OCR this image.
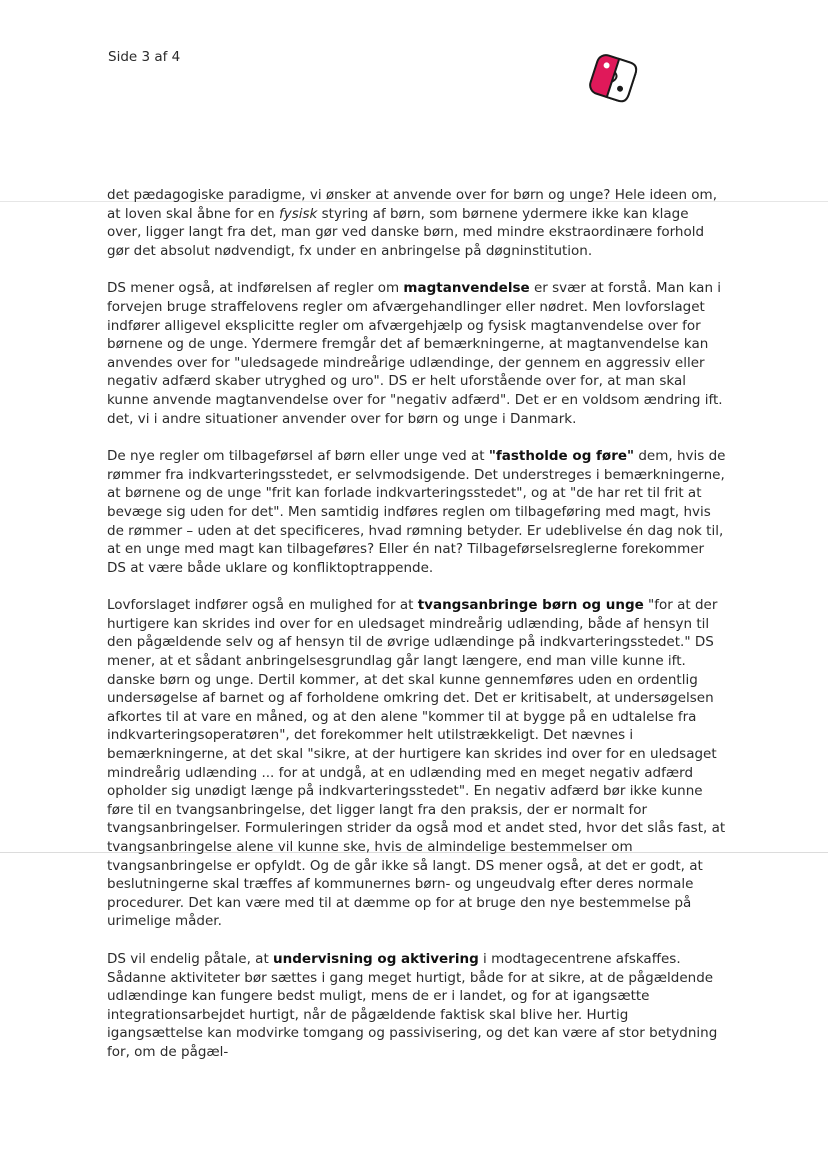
Side 3 af 4

det pædagogiske paradigme, vi ønsker at anvende over for børn og unge? Hele ideen om, at loven skal åbne for en fysisk styring af børn, som børnene ydermere ikke kan klage over, ligger langt fra det, man gør ved danske børn, med mindre ekstraordinære forhold gør det absolut nødvendigt, fx under en anbringelse på døgninstitution.

DS mener også, at indførelsen af regler om magtanvendelse er svær at forstå. Man kan i forvejen bruge straffelovens regler om afværgehandlinger eller nødret. Men lovforslaget indfører alligevel eksplicitte regler om afværgehjælp og fysisk magtanvendelse over for børnene og de unge. Ydermere fremgår det af bemærkningerne, at magtanvendelse kan anvendes over for "uledsagede mindreårige udlændinge, der gennem en aggressiv eller negativ adfærd skaber utryghed og uro". DS er helt uforstående over for, at man skal kunne anvende magtanvendelse over for "negativ adfærd". Det er en voldsom ændring ift. det, vi i andre situationer anvender over for børn og unge i Danmark.

De nye regler om tilbageførsel af børn eller unge ved at "fastholde og føre" dem, hvis de rømmer fra indkvarteringsstedet, er selvmodsigende. Det understreges i bemærkningerne, at børnene og de unge "frit kan forlade indkvarteringsstedet", og at "de har ret til frit at bevæge sig uden for det". Men samtidig indføres reglen om tilbageføring med magt, hvis de rømmer – uden at det specificeres, hvad rømning betyder. Er udeblivelse én dag nok til, at en unge med magt kan tilbageføres? Eller én nat? Tilbageførselsreglerne forekommer DS at være både uklare og konfliktoptrappende.

Lovforslaget indfører også en mulighed for at tvangsanbringe børn og unge "for at der hurtigere kan skrides ind over for en uledsaget mindreårig udlænding, både af hensyn til den pågældende selv og af hensyn til de øvrige udlændinge på indkvarteringsstedet." DS mener, at et sådant anbringelsesgrundlag går langt længere, end man ville kunne ift. danske børn og unge. Dertil kommer, at det skal kunne gennemføres uden en ordentlig undersøgelse af barnet og af forholdene omkring det. Det er kritisabelt, at undersøgelsen afkortes til at vare en måned, og at den alene "kommer til at bygge på en udtalelse fra indkvarteringsoperatøren", det forekommer helt utilstrækkeligt. Det nævnes i bemærkningerne, at det skal "sikre, at der hurtigere kan skrides ind over for en uledsaget mindreårig udlænding ... for at undgå, at en udlænding med en meget negativ adfærd opholder sig unødigt længe på indkvarteringsstedet". En negativ adfærd bør ikke kunne føre til en tvangsanbringelse, det ligger langt fra den praksis, der er normalt for tvangsanbringelser. Formuleringen strider da også mod et andet sted, hvor det slås fast, at tvangsanbringelse alene vil kunne ske, hvis de almindelige bestemmelser om tvangsanbringelse er opfyldt. Og de går ikke så langt. DS mener også, at det er godt, at beslutningerne skal træffes af kommunernes børn- og ungeudvalg efter deres normale procedurer. Det kan være med til at dæmme op for at bruge den nye bestemmelse på urimelige måder.

DS vil endelig påtale, at undervisning og aktivering i modtagecentrene afskaffes. Sådanne aktiviteter bør sættes i gang meget hurtigt, både for at sikre, at de pågældende udlændinge kan fungere bedst muligt, mens de er i landet, og for at igangsætte integrationsarbejdet hurtigt, når de pågældende faktisk skal blive her. Hurtig igangsættelse kan modvirke tomgang og passivisering, og det kan være af stor betydning for, om de pågæl-
